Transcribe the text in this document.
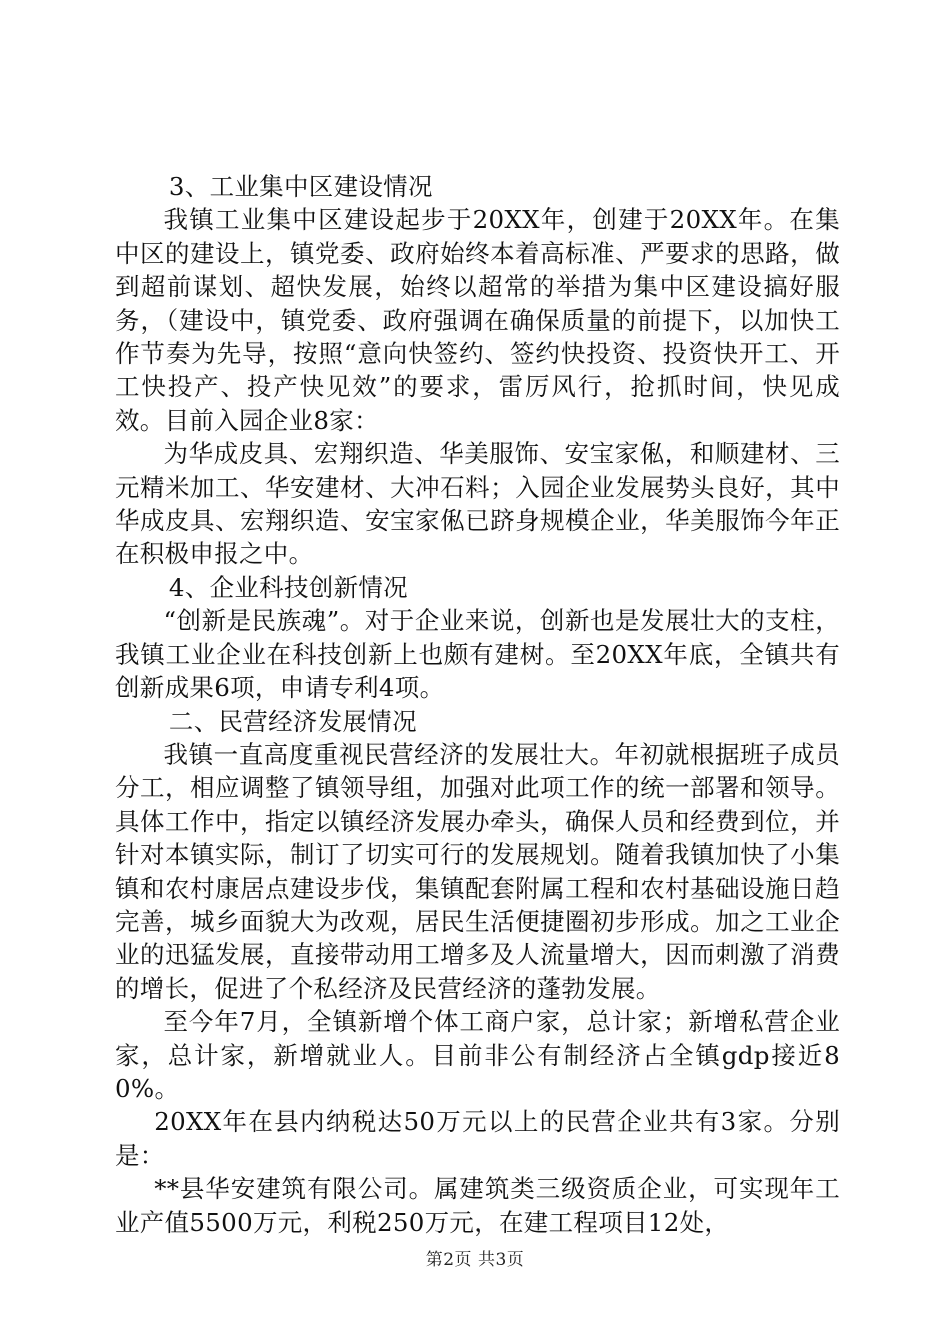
3、工业集中区建设情况

我镇工业集中区建设起步于20XX年，创建于20XX年。在集中区的建设上，镇党委、政府始终本着高标准、严要求的思路，做到超前谋划、超快发展，始终以超常的举措为集中区建设搞好服务，（建设中，镇党委、政府强调在确保质量的前提下，以加快工作节奏为先导，按照“意向快签约、签约快投资、投资快开工、开工快投产、投产快见效”的要求，雷厉风行，抢抓时间，快见成效。目前入园企业8家：

为华成皮具、宏翔织造、华美服饰、安宝家俬，和顺建材、三元精米加工、华安建材、大冲石料；入园企业发展势头良好，其中华成皮具、宏翔织造、安宝家俬已跻身规模企业，华美服饰今年正在积极申报之中。

4、企业科技创新情况

“创新是民族魂”。对于企业来说，创新也是发展壮大的支柱，我镇工业企业在科技创新上也颇有建树。至20XX年底，全镇共有创新成果6项，申请专利4项。

二、民营经济发展情况

我镇一直高度重视民营经济的发展壮大。年初就根据班子成员分工，相应调整了镇领导组，加强对此项工作的统一部署和领导。具体工作中，指定以镇经济发展办牵头，确保人员和经费到位，并针对本镇实际，制订了切实可行的发展规划。随着我镇加快了小集镇和农村康居点建设步伐，集镇配套附属工程和农村基础设施日趋完善，城乡面貌大为改观，居民生活便捷圈初步形成。加之工业企业的迅猛发展，直接带动用工增多及人流量增大，因而刺激了消费的增长，促进了个私经济及民营经济的蓬勃发展。

至今年7月，全镇新增个体工商户家，总计家；新增私营企业家，总计家，新增就业人。目前非公有制经济占全镇gdp接近80%。

20XX年在县内纳税达50万元以上的民营企业共有3家。分别是：

**县华安建筑有限公司。属建筑类三级资质企业，可实现年工业产值5500万元，利税250万元，在建工程项目12处，

第2页 共3页
